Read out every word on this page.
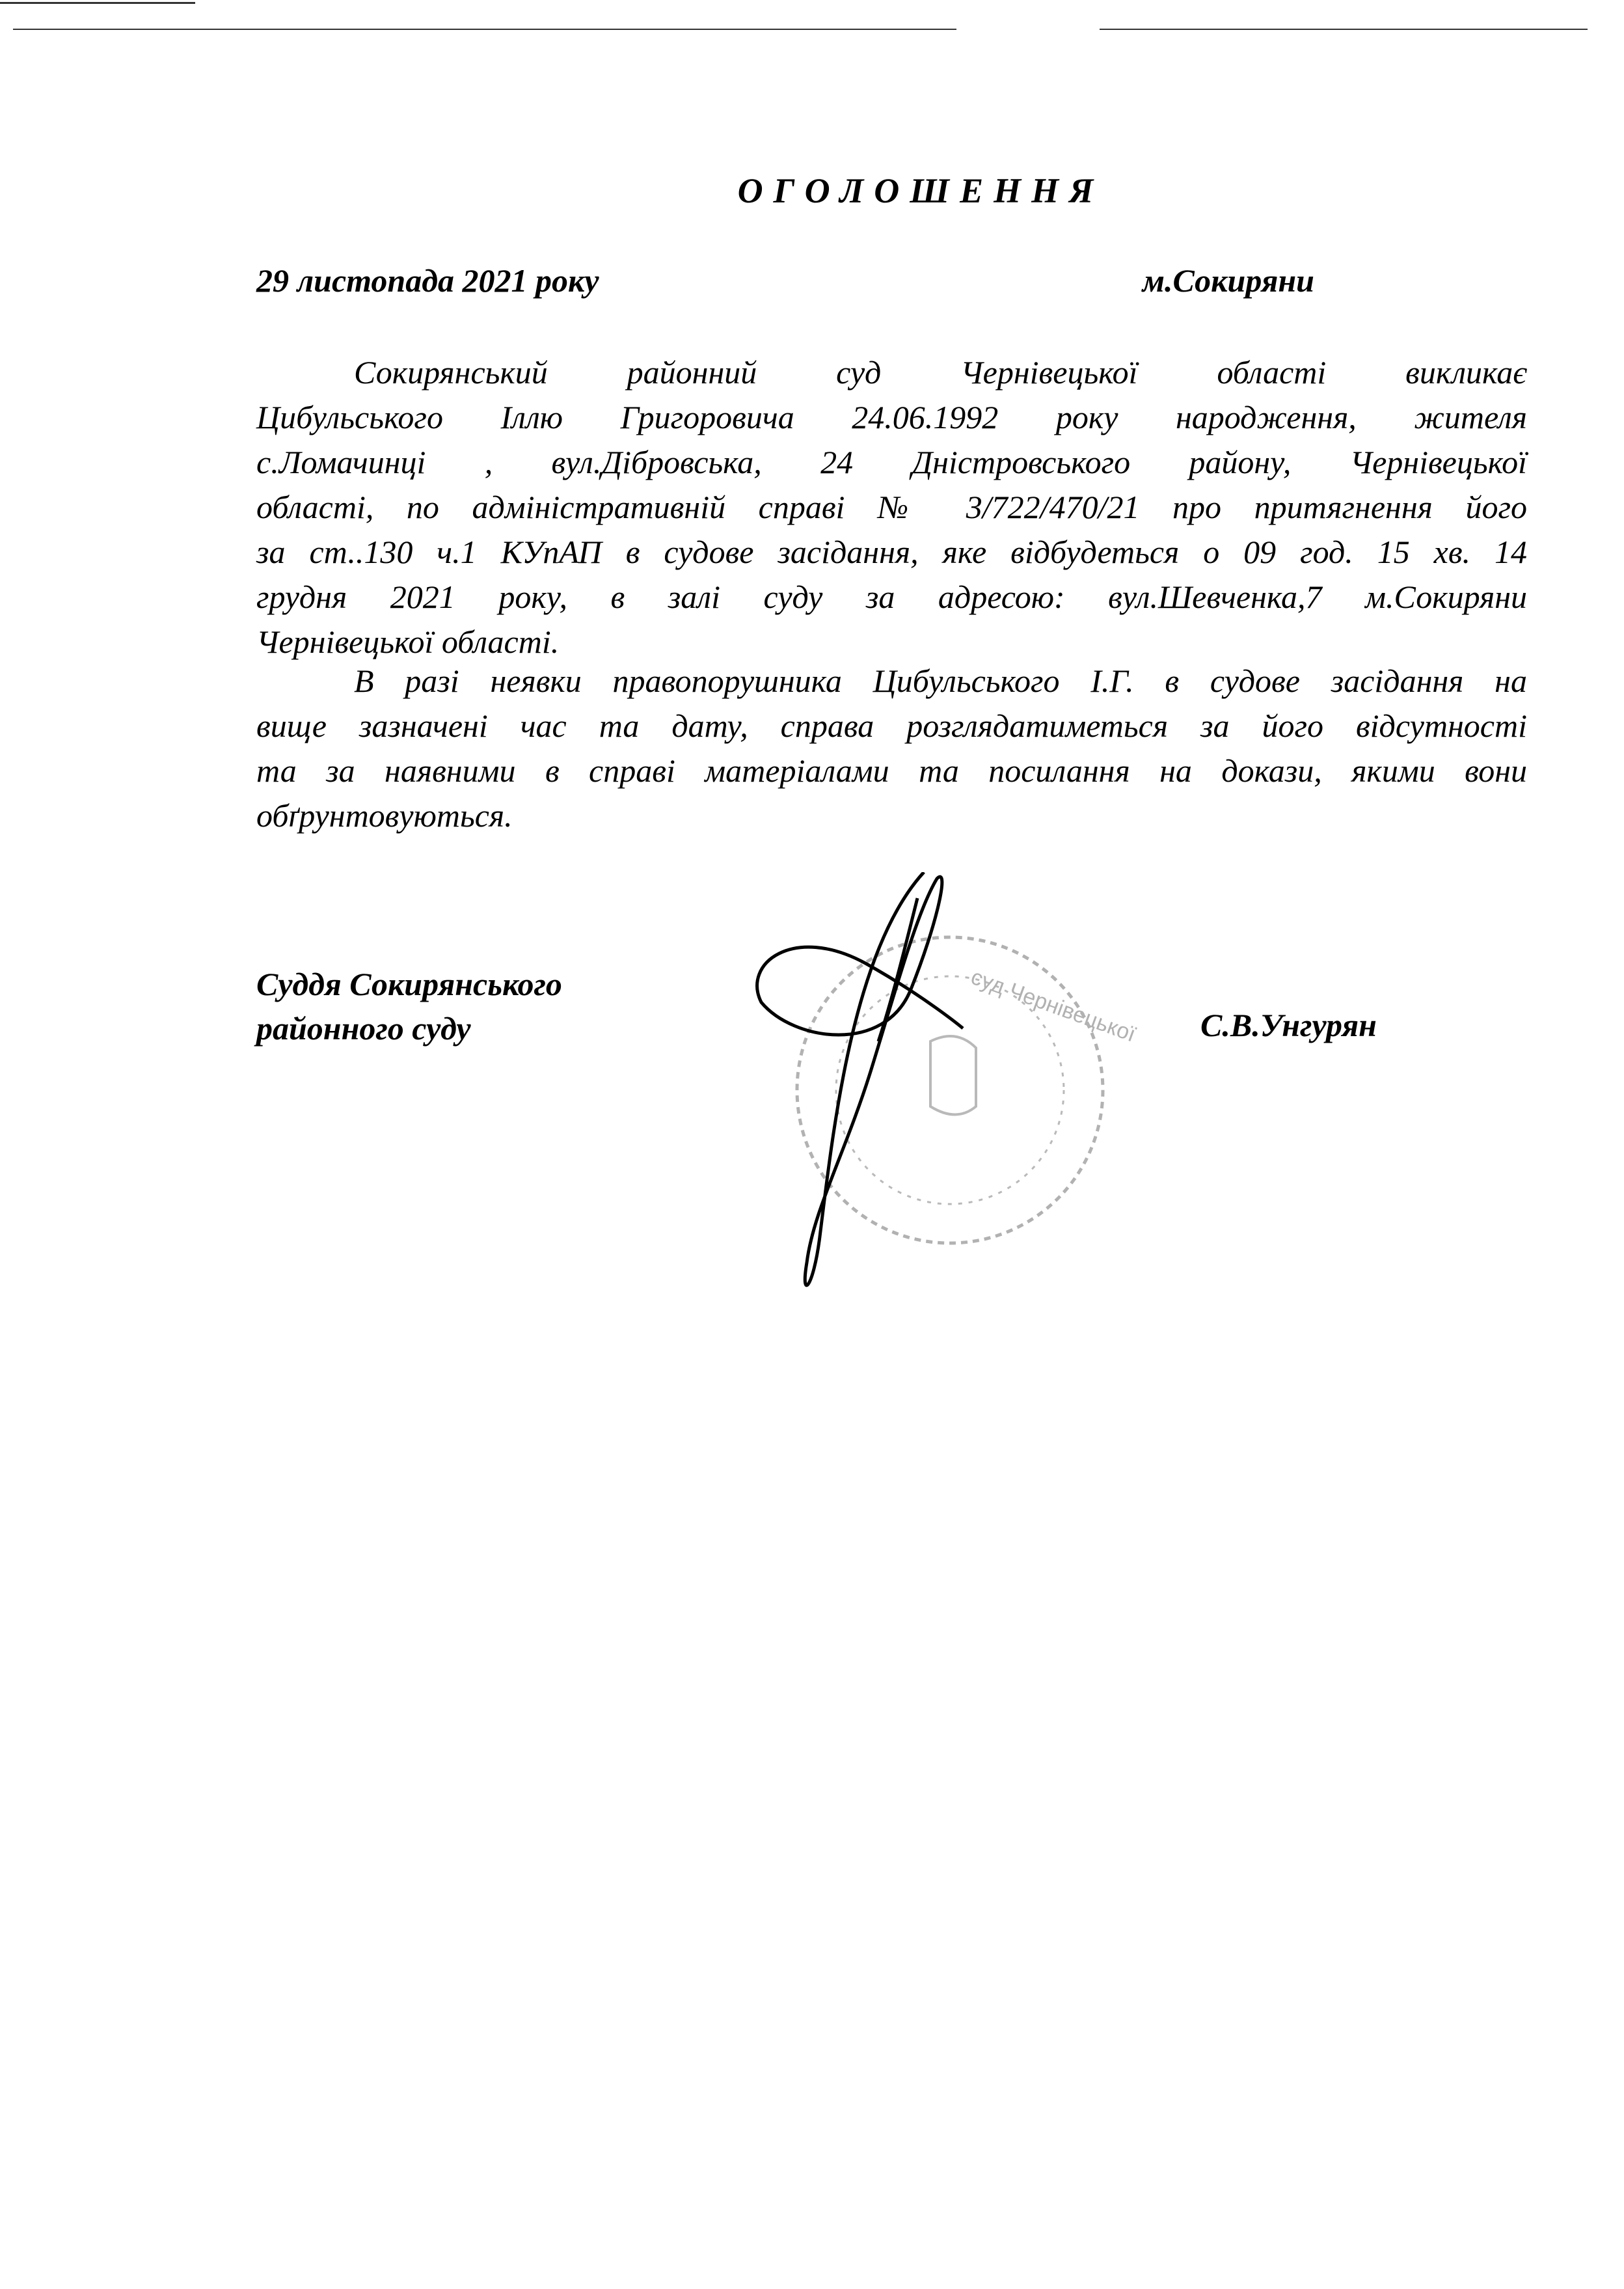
ОГОЛОШЕННЯ
29 листопада 2021 року	м.Сокиряни
Сокирянський районний суд Чернівецької області викликає
Цибульського Іллю Григоровича 24.06.1992 року народження, жителя
с.Ломачинці , вул.Дібровська, 24 Дністровського району, Чернівецької
області, по адміністративній справі № 3/722/470/21 про притягнення його
за ст..130 ч.1 КУпАП в судове засідання, яке відбудеться о 09 год. 15 хв. 14
грудня 2021 року, в залі суду за адресою: вул.Шевченка,7 м.Сокиряни
Чернівецької області.
В разі неявки правопорушника Цибульського І.Г. в судове засідання на
вище зазначені час та дату, справа розглядатиметься за його відсутності
та за наявними в справі матеріалами та посилання на докази, якими вони
обґрунтовуються.
Суддя Сокирянського
районного суду	суд Чернівецької С.В.Унгурян
